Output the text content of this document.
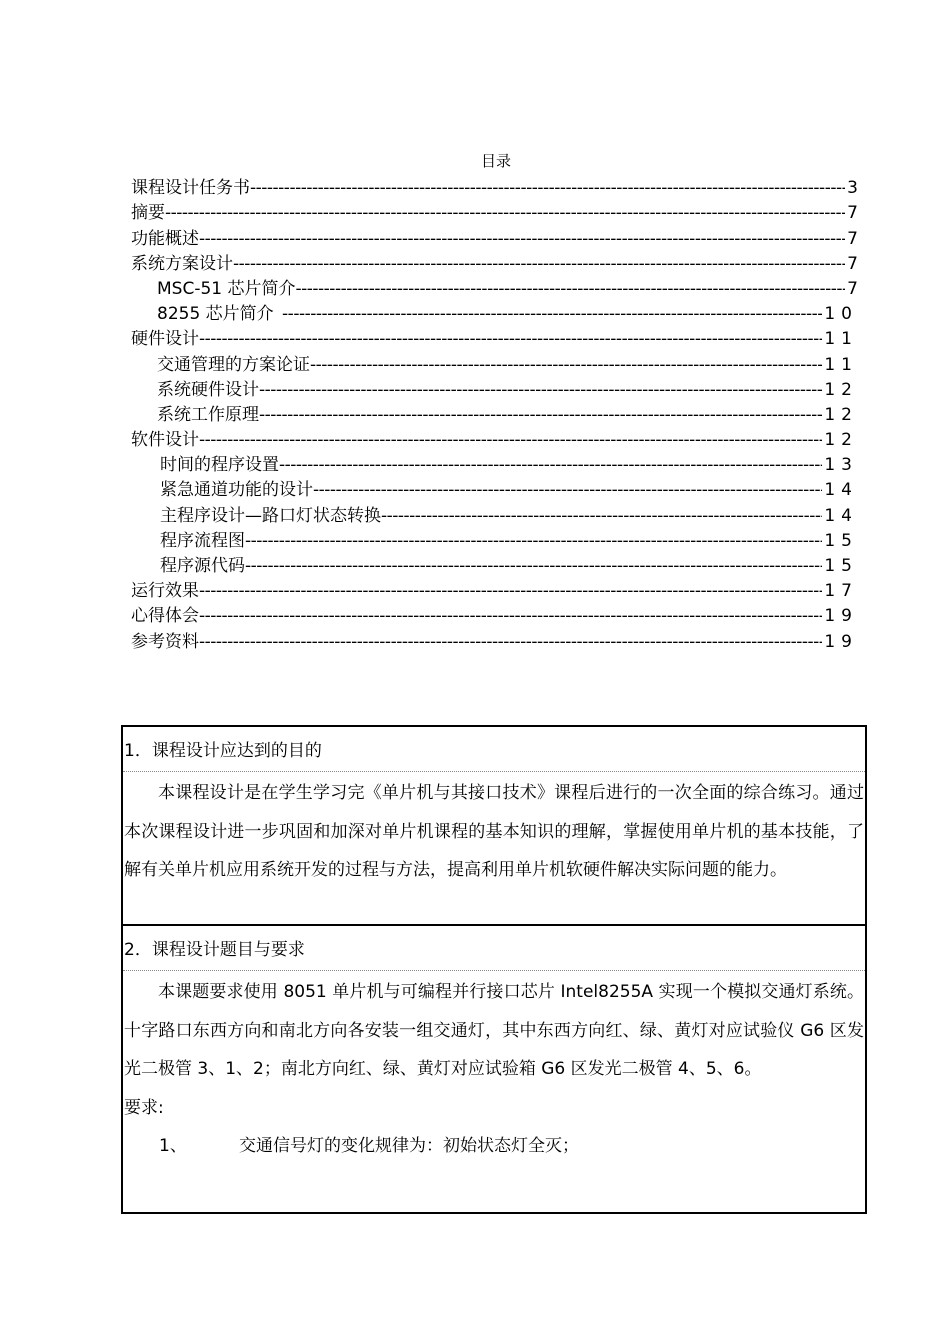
目录
课程设计任务书 -----	3
摘要 -----	7
功能概述 -----	7
系统方案设计 -----	7
MSC-51 芯片简介 -----	7
8255 芯片简介 -----	10
硬件设计 -----	11
交通管理的方案论证 -----	11
系统硬件设计 -----	12
系统工作原理 -----	12
软件设计 -----	12
时间的程序设置 -----	13
紧急通道功能的设计 -----	14
主程序设计—路口灯状态转换 -----	14
程序流程图 -----	15
程序源代码 -----	15
运行效果 -----	17
心得体会 -----	19
参考资料 -----	19
1．课程设计应达到的目的
本课程设计是在学生学习完《单片机与其接口技术》课程后进行的一次全面的综合练习。通过本次课程设计进一步巩固和加深对单片机课程的基本知识的理解，掌握使用单片机的基本技能，了解有关单片机应用系统开发的过程与方法，提高利用单片机软硬件解决实际问题的能力。
2．课程设计题目与要求
本课题要求使用 8051 单片机与可编程并行接口芯片 Intel8255A 实现一个模拟交通灯系统。十字路口东西方向和南北方向各安装一组交通灯，其中东西方向红、绿、黄灯对应试验仪 G6 区发光二极管 3、1、2；南北方向红、绿、黄灯对应试验箱 G6 区发光二极管 4、5、6。
要求:
1、	交通信号灯的变化规律为：初始状态灯全灭；
